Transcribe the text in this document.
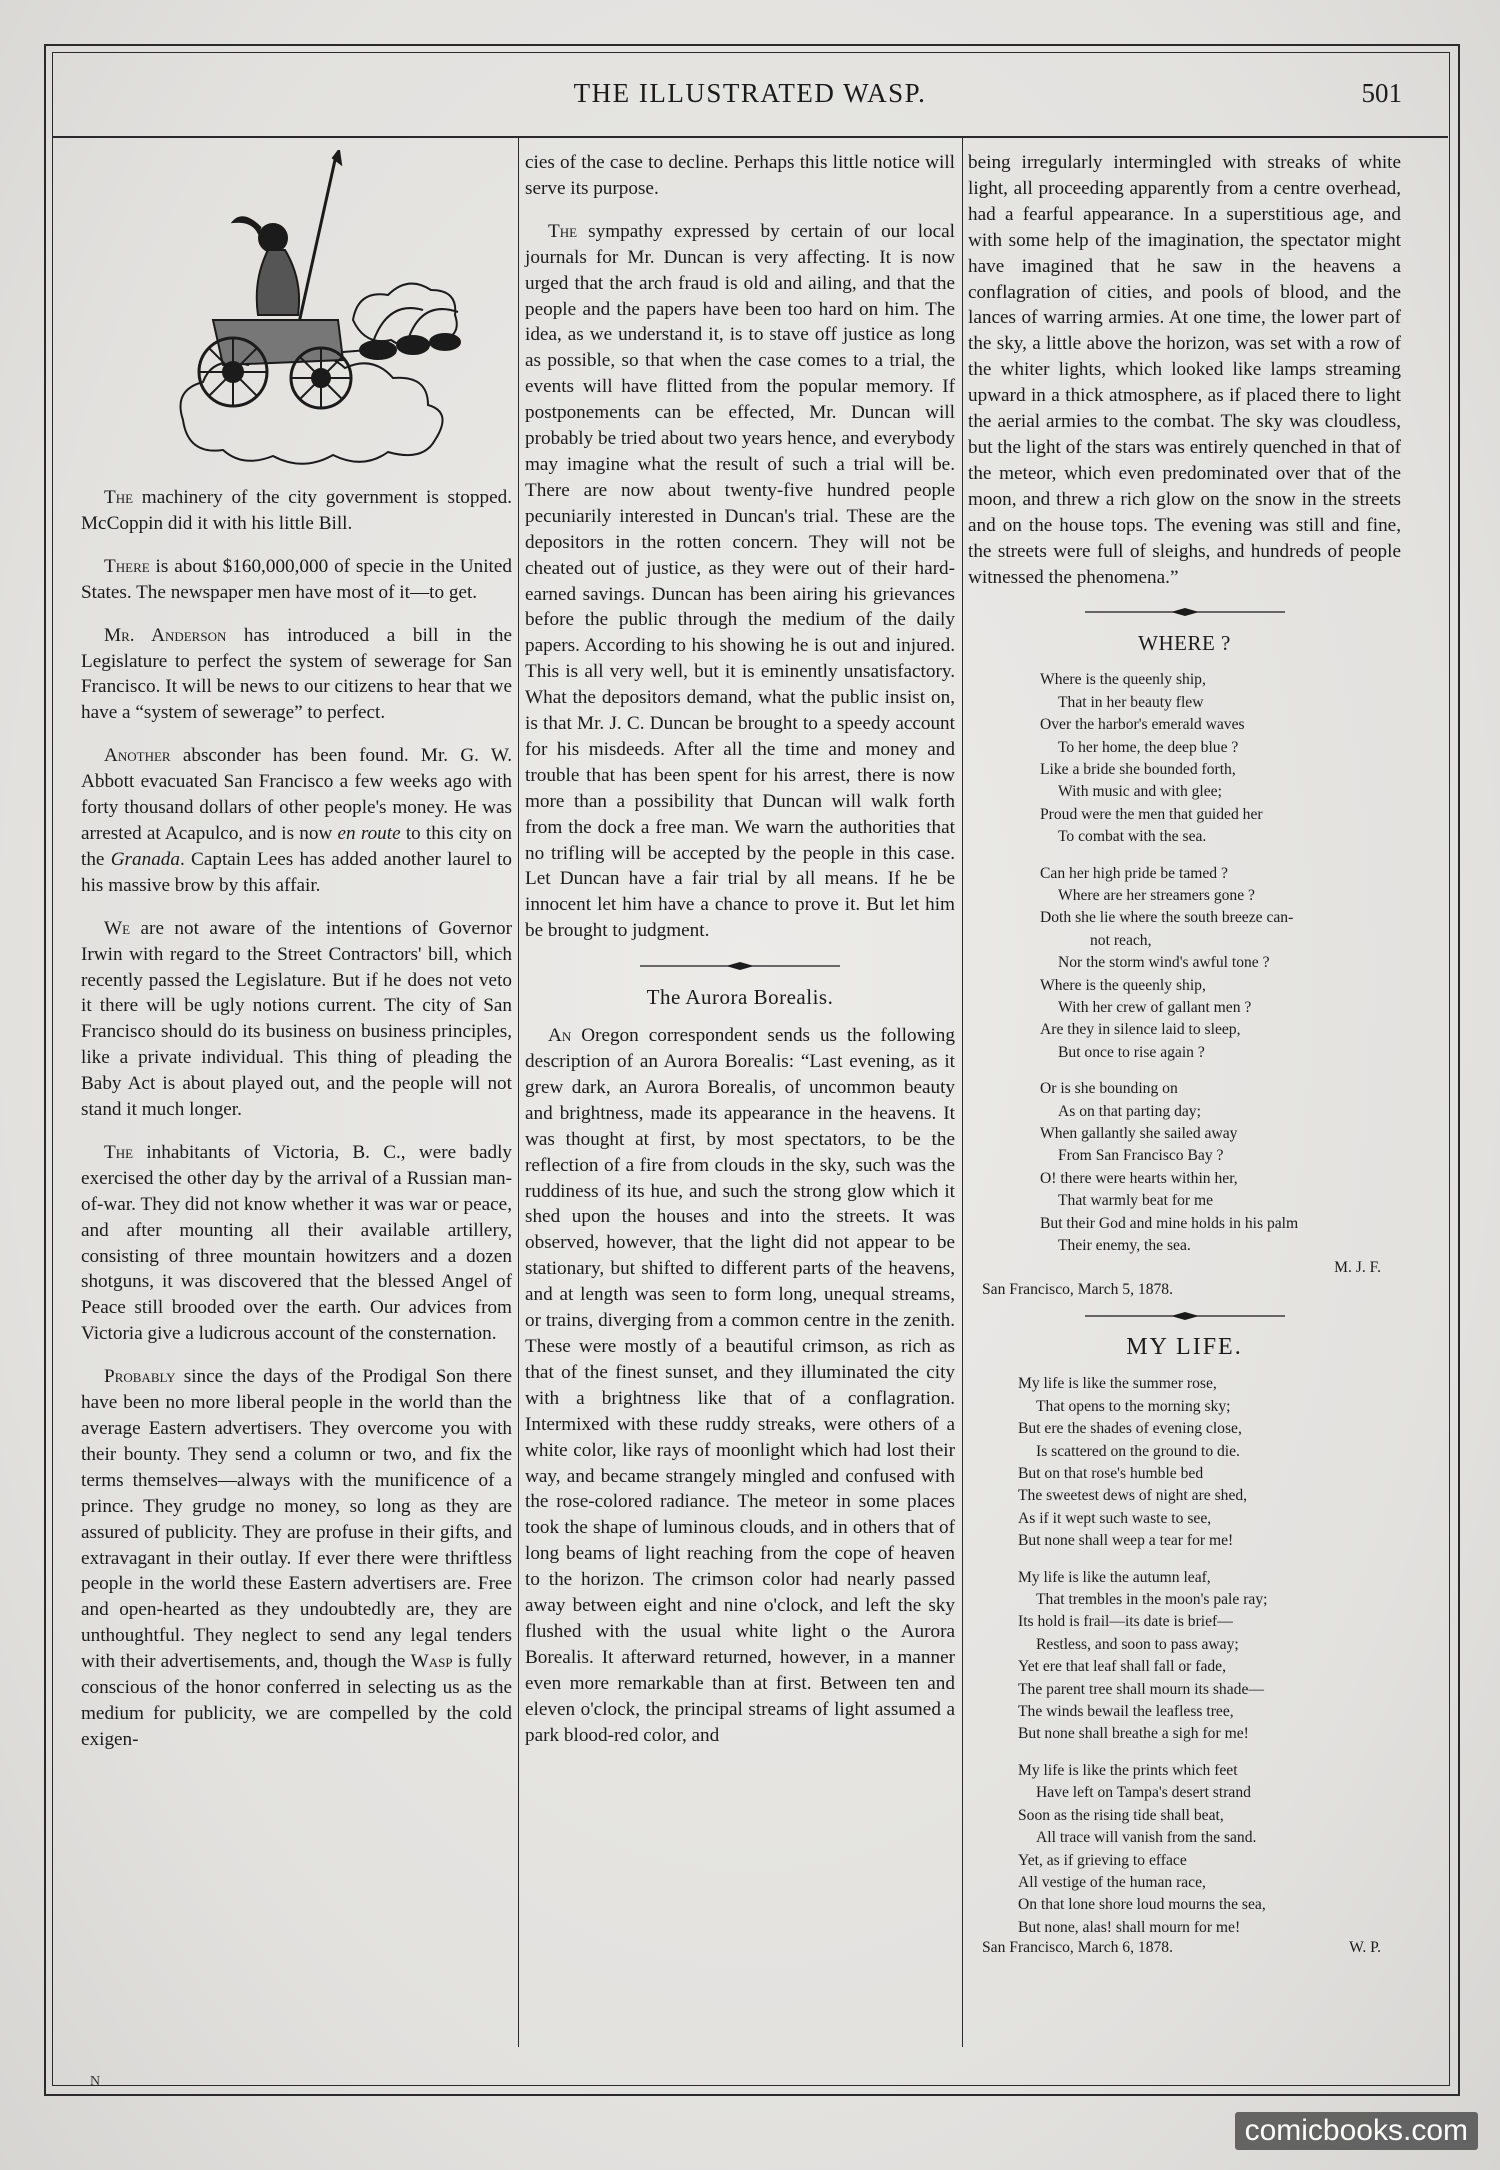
THE ILLUSTRATED WASP.	501

The machinery of the city government is stopped. McCoppin did it with his little Bill.

There is about $160,000,000 of specie in the United States. The newspaper men have most of it—to get.

Mr. Anderson has introduced a bill in the Legislature to perfect the system of sewerage for San Francisco. It will be news to our citizens to hear that we have a “system of sewerage” to perfect.

Another absconder has been found. Mr. G. W. Abbott evacuated San Francisco a few weeks ago with forty thousand dollars of other people's money. He was arrested at Acapulco, and is now en route to this city on the Granada. Captain Lees has added another laurel to his massive brow by this affair.

We are not aware of the intentions of Governor Irwin with regard to the Street Contractors' bill, which recently passed the Legislature. But if he does not veto it there will be ugly notions current. The city of San Francisco should do its business on business principles, like a private individual. This thing of pleading the Baby Act is about played out, and the people will not stand it much longer.

The inhabitants of Victoria, B. C., were badly exercised the other day by the arrival of a Russian man-of-war. They did not know whether it was war or peace, and after mounting all their available artillery, consisting of three mountain howitzers and a dozen shotguns, it was discovered that the blessed Angel of Peace still brooded over the earth. Our advices from Victoria give a ludicrous account of the consternation.

Probably since the days of the Prodigal Son there have been no more liberal people in the world than the average Eastern advertisers. They overcome you with their bounty. They send a column or two, and fix the terms themselves—always with the munificence of a prince. They grudge no money, so long as they are assured of publicity. They are profuse in their gifts, and extravagant in their outlay. If ever there were thriftless people in the world these Eastern advertisers are. Free and open-hearted as they undoubtedly are, they are unthoughtful. They neglect to send any legal tenders with their advertisements, and, though the Wasp is fully conscious of the honor conferred in selecting us as the medium for publicity, we are compelled by the cold exigen-

cies of the case to decline. Perhaps this little notice will serve its purpose.

The sympathy expressed by certain of our local journals for Mr. Duncan is very affecting. It is now urged that the arch fraud is old and ailing, and that the people and the papers have been too hard on him. The idea, as we understand it, is to stave off justice as long as possible, so that when the case comes to a trial, the events will have flitted from the popular memory. If postponements can be effected, Mr. Duncan will probably be tried about two years hence, and everybody may imagine what the result of such a trial will be. There are now about twenty-five hundred people pecuniarily interested in Duncan's trial. These are the depositors in the rotten concern. They will not be cheated out of justice, as they were out of their hard-earned savings. Duncan has been airing his grievances before the public through the medium of the daily papers. According to his showing he is out and injured. This is all very well, but it is eminently unsatisfactory. What the depositors demand, what the public insist on, is that Mr. J. C. Duncan be brought to a speedy account for his misdeeds. After all the time and money and trouble that has been spent for his arrest, there is now more than a possibility that Duncan will walk forth from the dock a free man. We warn the authorities that no trifling will be accepted by the people in this case. Let Duncan have a fair trial by all means. If he be innocent let him have a chance to prove it. But let him be brought to judgment.

The Aurora Borealis.

An Oregon correspondent sends us the following description of an Aurora Borealis: “Last evening, as it grew dark, an Aurora Borealis, of uncommon beauty and brightness, made its appearance in the heavens. It was thought at first, by most spectators, to be the reflection of a fire from clouds in the sky, such was the ruddiness of its hue, and such the strong glow which it shed upon the houses and into the streets. It was observed, however, that the light did not appear to be stationary, but shifted to different parts of the heavens, and at length was seen to form long, unequal streams, or trains, diverging from a common centre in the zenith. These were mostly of a beautiful crimson, as rich as that of the finest sunset, and they illuminated the city with a brightness like that of a conflagration. Intermixed with these ruddy streaks, were others of a white color, like rays of moonlight which had lost their way, and became strangely mingled and confused with the rose-colored radiance. The meteor in some places took the shape of luminous clouds, and in others that of long beams of light reaching from the cope of heaven to the horizon. The crimson color had nearly passed away between eight and nine o'clock, and left the sky flushed with the usual white light o the Aurora Borealis. It afterward returned, however, in a manner even more remarkable than at first. Between ten and eleven o'clock, the principal streams of light assumed a park blood-red color, and

being irregularly intermingled with streaks of white light, all proceeding apparently from a centre overhead, had a fearful appearance. In a superstitious age, and with some help of the imagination, the spectator might have imagined that he saw in the heavens a conflagration of cities, and pools of blood, and the lances of warring armies. At one time, the lower part of the sky, a little above the horizon, was set with a row of the whiter lights, which looked like lamps streaming upward in a thick atmosphere, as if placed there to light the aerial armies to the combat. The sky was cloudless, but the light of the stars was entirely quenched in that of the meteor, which even predominated over that of the moon, and threw a rich glow on the snow in the streets and on the house tops. The evening was still and fine, the streets were full of sleighs, and hundreds of people witnessed the phenomena.”

WHERE ?
Where is the queenly ship,
That in her beauty flew
Over the harbor's emerald waves
To her home, the deep blue ?
Like a bride she bounded forth,
With music and with glee;
Proud were the men that guided her
To combat with the sea.
Can her high pride be tamed ?
Where are her streamers gone ?
Doth she lie where the south breeze can-
not reach,
Nor the storm wind's awful tone ?
Where is the queenly ship,
With her crew of gallant men ?
Are they in silence laid to sleep,
But once to rise again ?
Or is she bounding on
As on that parting day;
When gallantly she sailed away
From San Francisco Bay ?
O! there were hearts within her,
That warmly beat for me
But their God and mine holds in his palm
Their enemy, the sea.
M. J. F.
San Francisco, March 5, 1878.
MY LIFE.
My life is like the summer rose,
That opens to the morning sky;
But ere the shades of evening close,
Is scattered on the ground to die.
But on that rose's humble bed
The sweetest dews of night are shed,
As if it wept such waste to see,
But none shall weep a tear for me!
My life is like the autumn leaf,
That trembles in the moon's pale ray;
Its hold is frail—its date is brief—
Restless, and soon to pass away;
Yet ere that leaf shall fall or fade,
The parent tree shall mourn its shade—
The winds bewail the leafless tree,
But none shall breathe a sigh for me!
My life is like the prints which feet
Have left on Tampa's desert strand
Soon as the rising tide shall beat,
All trace will vanish from the sand.
Yet, as if grieving to efface
All vestige of the human race,
On that lone shore loud mourns the sea,
But none, alas! shall mourn for me!
San Francisco, March 6, 1878.	W. P.
N
comicbooks.com
